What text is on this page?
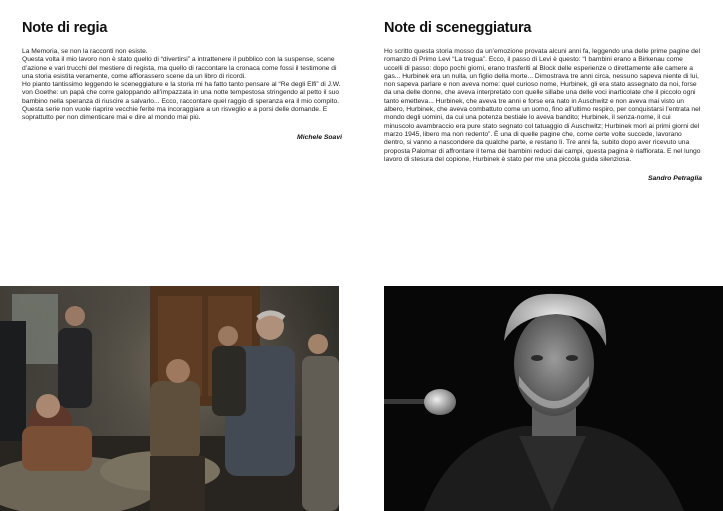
Note di regia

La Memoria, se non la racconti non esiste.

Questa volta il mio lavoro non è stato quello di “divertirsi” a intrattenere il pubblico con la suspense, scene d’azione e vari trucchi del mestiere di regista, ma quello di raccontare la cronaca come fossi il testimone di una storia esistita veramente, come affiorassero scene da un libro di ricordi.

Ho pianto tantissimo leggendo le sceneggiature e la storia mi ha fatto tanto pensare al “Re degli Elfi” di J.W. von Goethe: un papà che corre galoppando all’impazzata in una notte tempestosa stringendo al petto il suo bambino nella speranza di riuscire a salvarlo... Ecco, raccontare quel raggio di speranza era il mio compito.

Questa serie non vuole riaprire vecchie ferite ma incoraggiare a un risveglio e a porsi delle domande. E soprattutto per non dimenticare mai e dire al mondo mai più.

Michele Soavi
Note di sceneggiatura

Ho scritto questa storia mosso da un’emozione provata alcuni anni fa, leggendo una delle prime pagine del romanzo di Primo Levi “La tregua”. Ecco, il passo di Levi è questo: “I bambini erano a Birkenau come uccelli di passo: dopo pochi giorni, erano trasferiti al Block delle esperienze o direttamente alle camere a gas... Hurbinek era un nulla, un figlio della morte... Dimostrava tre anni circa, nessuno sapeva niente di lui, non sapeva parlare e non aveva nome: quel curioso nome, Hurbinek, gli era stato assegnato da noi, forse da una delle donne, che aveva interpretato con quelle sillabe una delle voci inarticolate che il piccolo ogni tanto emetteva... Hurbinek, che aveva tre anni e forse era nato in Auschwitz e non aveva mai visto un albero, Hurbinek, che aveva combattuto come un uomo, fino all’ultimo respiro, per conquistarsi l’entrata nel mondo degli uomini, da cui una potenza bestiale lo aveva bandito; Hurbinek, il senza-nome, il cui minuscolo avambraccio era pure stato segnato col tatuaggio di Auschwitz; Hurbinek morì ai primi giorni del marzo 1945, libero ma non redento”. È una di quelle pagine che, come certe volte succede, lavorano dentro, si vanno a nascondere da qualche parte, e restano lì. Tre anni fa, subito dopo aver ricevuto una proposta Palomar di affrontare il tema dei bambini reduci dai campi, questa pagina è riaffiorata. E nel lungo lavoro di stesura del copione, Hurbinek è stato per me una piccola guida silenziosa.

Sandro Petraglia
